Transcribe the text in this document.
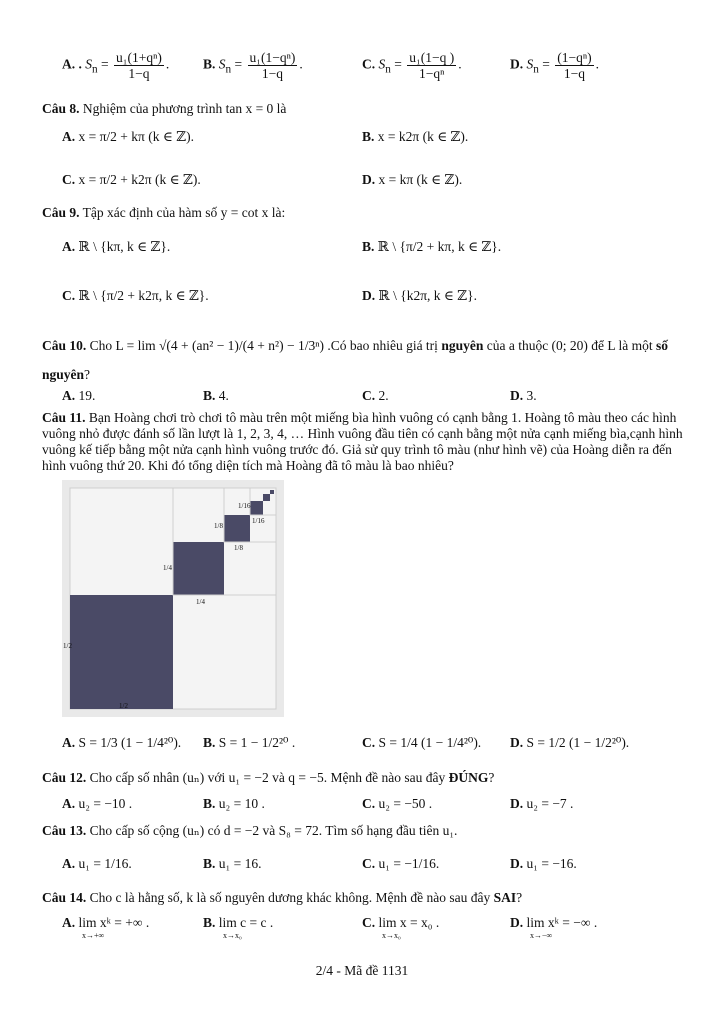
A. . $S_n = \frac{\text{u₁(1+qⁿ)}}{1-q}$ .	B. $S_n = \frac{\text{u₁(1−qⁿ)}}{1-q}$ .	C. $S_n = \frac{\text{u₁(1−q )}}{\text{1−qⁿ}}$ .	D. $S_n = \frac{\text{(1−qⁿ)}}{1-q}$ .
Câu 8. Nghiệm của phương trình tan x = 0 là
A. x = π/2 + kπ (k ∈ ℤ).	B. x = k2π (k ∈ ℤ).
C. x = π/2 + k2π (k ∈ ℤ).	D. x = kπ (k ∈ ℤ).
Câu 9. Tập xác định của hàm số y = cot x là:
A. ℝ \ {kπ, k ∈ ℤ}.	B. ℝ \ {π/2 + kπ, k ∈ ℤ}.
C. ℝ \ {π/2 + k2π, k ∈ ℤ}.	D. ℝ \ {k2π, k ∈ ℤ}.
Câu 10. Cho L = lim √(4 + (an² − 1)/(4 + n²) − 1/3ⁿ) .Có bao nhiêu giá trị nguyên của a thuộc (0; 20) để L là một số
nguyên?
A. 19.	B. 4.	C. 2.	D. 3.
Câu 11. Bạn Hoàng chơi trò chơi tô màu trên một miếng bìa hình vuông có cạnh bằng 1. Hoàng tô màu theo các hình vuông nhỏ được đánh số lần lượt là 1, 2, 3, 4, … Hình vuông đầu tiên có cạnh bằng một nửa cạnh miếng bìa,cạnh hình vuông kế tiếp bằng một nửa cạnh hình vuông trước đó. Giả sử quy trình tô màu (như hình vẽ) của Hoàng diễn ra đến hình vuông thứ 20. Khi đó tổng diện tích mà Hoàng đã tô màu là bao nhiêu?
1/2
1/2
1/4
1/4
1/8
1/8
1/16
1/16
A. S = 1/3 (1 − 1/4²⁰). B. S = 1 − 1/2²⁰ .	C. S = 1/4 (1 − 1/4²⁰). D. S = 1/2 (1 − 1/2²⁰).
Câu 12. Cho cấp số nhân (uₙ) với u₁ = −2 và q = −5. Mệnh đề nào sau đây ĐÚNG?
A. u₂ = −10 .	B. u₂ = 10 .	C. u₂ = −50 .	D. u₂ = −7 .
Câu 13. Cho cấp số cộng (uₙ) có d = −2 và S₈ = 72. Tìm số hạng đầu tiên u₁.
A. u₁ = 1/16.	B. u₁ = 16.	C. u₁ = −1/16.	D. u₁ = −16.
Câu 14. Cho c là hằng số, k là số nguyên dương khác không. Mệnh đề nào sau đây SAI?
A. lim xᵏ = +∞ .
x→+∞
B. lim c = c .
x→x₀
C. lim x = x₀ .
x→x₀
D. lim xᵏ = −∞ .
x→−∞
2/4 - Mã đề 1131
